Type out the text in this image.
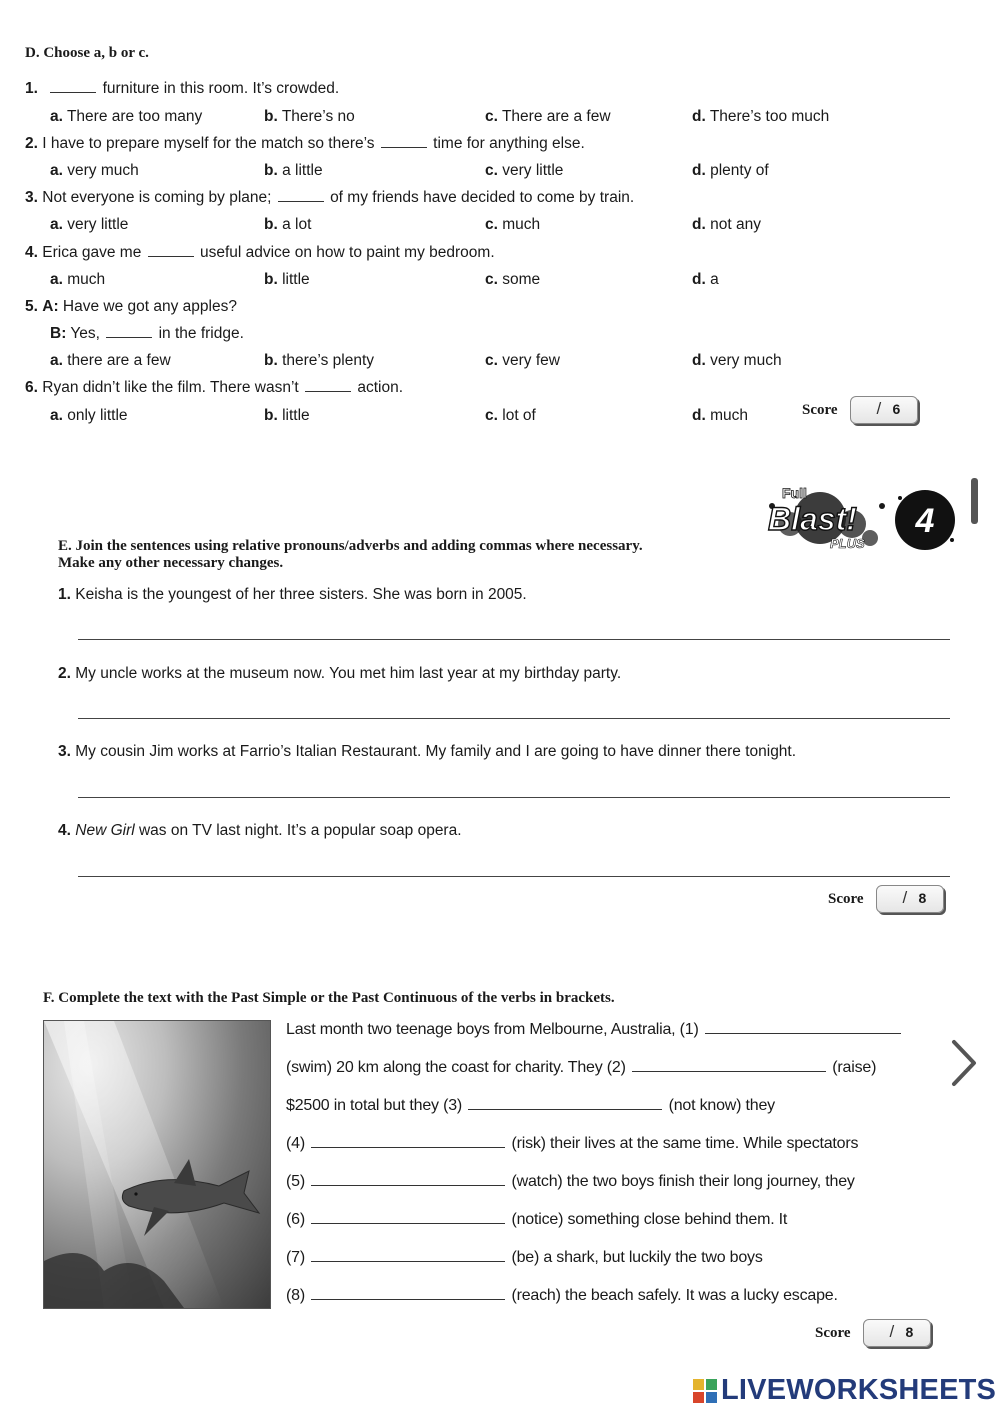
D. Choose a, b or c.
1.	furniture in this room. It’s crowded.
a. There are too many	b. There’s no	c. There are a few	d. There’s too much
2. I have to prepare myself for the match so there’s	time for anything else.
a. very much	b. a little	c. very little	d. plenty of
3. Not everyone is coming by plane;	of my friends have decided to come by train.
a. very little	b. a lot	c. much	d. not any
4. Erica gave me	useful advice on how to paint my bedroom.
a. much	b. little	c. some	d. a
5. A: Have we got any apples?
B: Yes,	in the fridge.
a. there are a few	b. there’s plenty	c. very few	d. very much
6. Ryan didn’t like the film. There wasn’t	action.
a. only little	b. little	c. lot of	d. much	Score / 6
Full
Blast!
PLUS
4
E. Join the sentences using relative pronouns/adverbs and adding commas where necessary.
Make any other necessary changes.
1. Keisha is the youngest of her three sisters. She was born in 2005.
2. My uncle works at the museum now. You met him last year at my birthday party.
3. My cousin Jim works at Farrio’s Italian Restaurant. My family and I are going to have dinner there tonight.
4. New Girl was on TV last night. It’s a popular soap opera.
Score / 8
F. Complete the text with the Past Simple or the Past Continuous of the verbs in brackets.
Last month two teenage boys from Melbourne, Australia, (1)
(swim) 20 km along the coast for charity. They (2)	(raise)
$2500 in total but they (3)	(not know) they
(4)	(risk) their lives at the same time. While spectators
(5)	(watch) the two boys finish their long journey, they
(6)	(notice) something close behind them. It
(7)	(be) a shark, but luckily the two boys
(8)	(reach) the beach safely. It was a lucky escape.
Score / 8
LIVEWORKSHEETS
